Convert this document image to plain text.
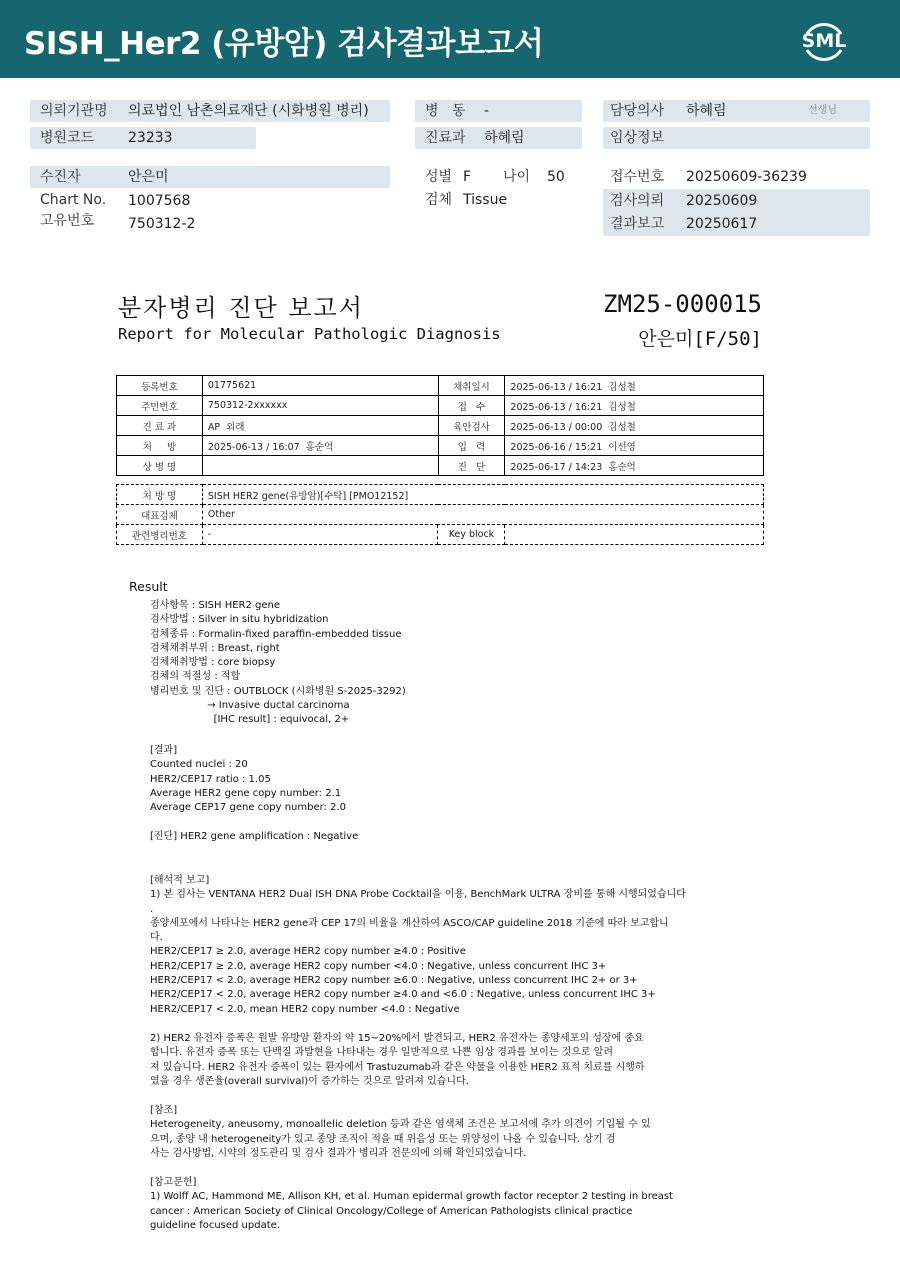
SISH_Her2 (유방암) 검사결과보고서	SML
의뢰기관명 의료법인 남촌의료재단 (시화병원 병리)
병원코드 23233
병   동 -
진료과 하혜림
담당의사 하혜림	선생님
임상정보
수진자	안은미
Chart No. 1007568
고유번호 750312-2
성별 F 나이 50
검체 Tissue
접수번호 20250609-36239
검사의뢰 20250609
결과보고 20250617
분자병리 진단 보고서
Report for Molecular Pathologic Diagnosis
ZM25-000015
안은미[F/50]
등록번호	01775621	채취일시	2025-06-13 / 16:21  김성철
주민번호	750312-2xxxxxx	접   수	2025-06-13 / 16:21  김성철
진 료 과	AP  외래	육안검사	2025-06-13 / 00:00  김성철
처     방	2025-06-13 / 16:07  홍순억	입   력	2025-06-16 / 15:21  이선영
상 병 명		진   단	2025-06-17 / 14:23  홍순억
처 방 명	SISH HER2 gene(유방암)[수탁] [PMO12152]		
대표검체	Other		
관련병리번호	-	Key block	
Result
검사항목 : SISH HER2 gene
검사방법 : Silver in situ hybridization
검체종류 : Formalin-fixed paraffin-embedded tissue
검체채취부위 : Breast, right
검체채취방법 : core biopsy
검체의 적절성 : 적합
병리번호 및 진단 : OUTBLOCK (시화병원 S-2025-3292)
→ Invasive ductal carcinoma
[IHC result] : equivocal, 2+
[결과]
Counted nuclei : 20
HER2/CEP17 ratio : 1.05
Average HER2 gene copy number: 2.1
Average CEP17 gene copy number: 2.0
[진단] HER2 gene amplification : Negative
[해석적 보고]
1) 본 검사는 VENTANA HER2 Dual ISH DNA Probe Cocktail을 이용, BenchMark ULTRA 장비를 통해 시행되었습니다
.
종양세포에서 나타나는 HER2 gene과 CEP 17의 비율을 계산하여 ASCO/CAP guideline 2018 기준에 따라 보고합니
다.
HER2/CEP17 ≥ 2.0, average HER2 copy number ≥4.0 : Positive
HER2/CEP17 ≥ 2.0, average HER2 copy number <4.0 : Negative, unless concurrent IHC 3+
HER2/CEP17 < 2.0, average HER2 copy number ≥6.0 : Negative, unless concurrent IHC 2+ or 3+
HER2/CEP17 < 2.0, average HER2 copy number ≥4.0 and <6.0 : Negative, unless concurrent IHC 3+
HER2/CEP17 < 2.0, mean HER2 copy number <4.0 : Negative
2) HER2 유전자 증폭은 원발 유방암 환자의 약 15~20%에서 발견되고, HER2 유전자는 종양세포의 성장에 중요
합니다. 유전자 증폭 또는 단백질 과발현을 나타내는 경우 일반적으로 나쁜 임상 경과를 보이는 것으로 알려
져 있습니다. HER2 유전자 증폭이 있는 환자에서 Trastuzumab과 같은 약물을 이용한 HER2 표적 치료를 시행하
였을 경우 생존율(overall survival)이 증가하는 것으로 알려져 있습니다.
[참조]
Heterogeneity, aneusomy, monoallelic deletion 등과 같은 염색체 조건은 보고서에 추가 의견이 기입될 수 있
으며, 종양 내 heterogeneity가 있고 종양 조직이 적을 때 위음성 또는 위양성이 나올 수 있습니다. 상기 검
사는 검사방법, 시약의 정도관리 및 검사 결과가 병리과 전문의에 의해 확인되었습니다.
[참고문헌]
1) Wolff AC, Hammond ME, Allison KH, et al. Human epidermal growth factor receptor 2 testing in breast
cancer : American Society of Clinical Oncology/College of American Pathologists clinical practice
guideline focused update.
